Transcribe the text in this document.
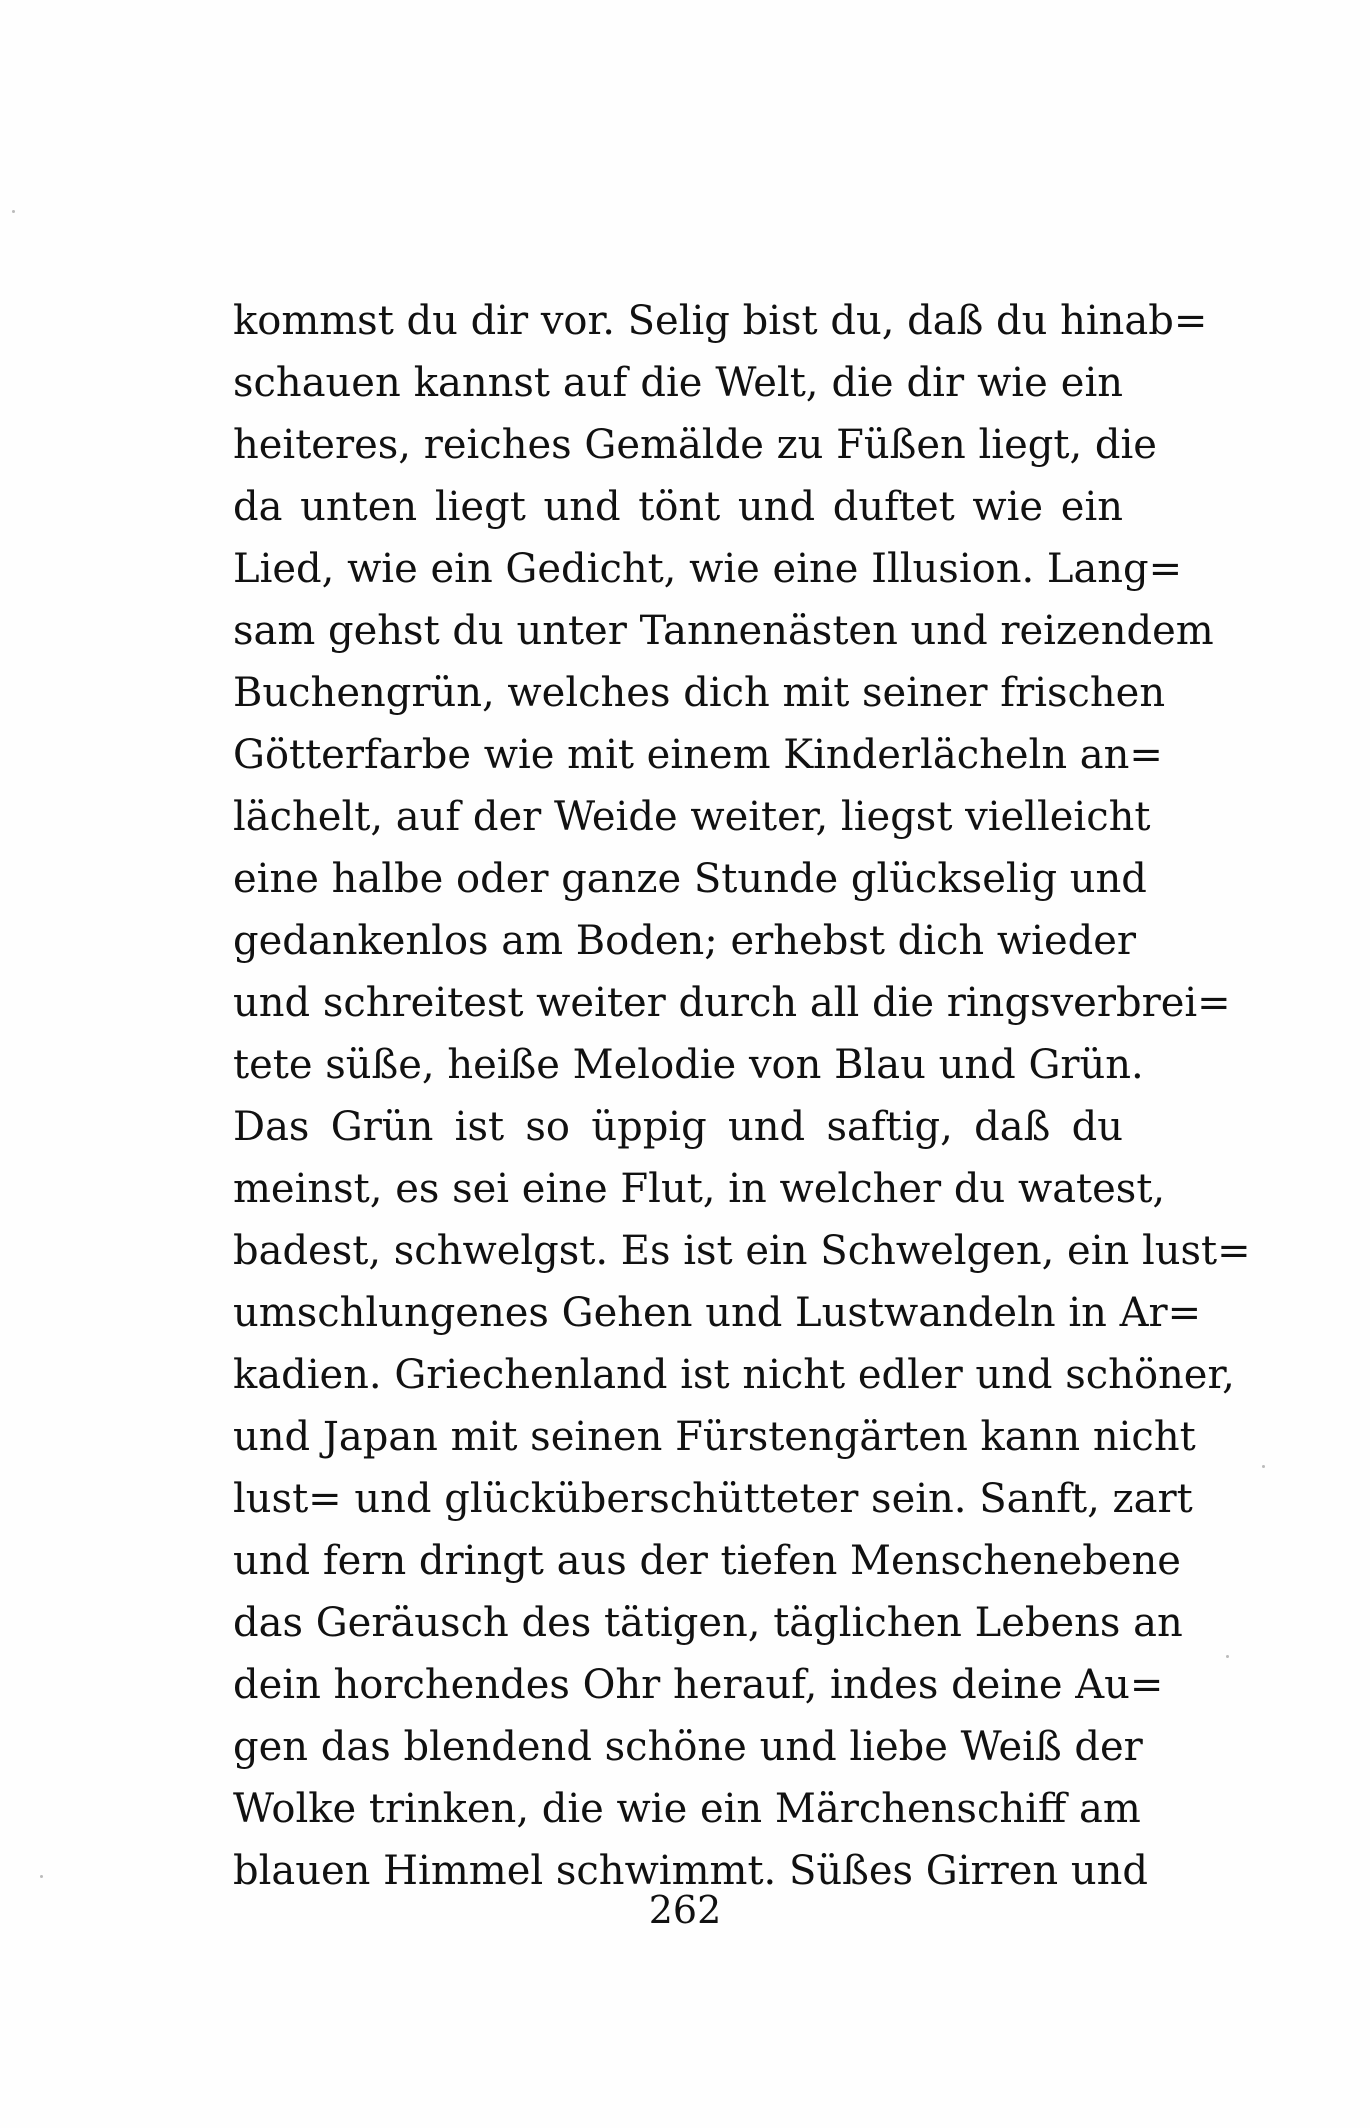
kommst du dir vor. Selig bist du, daß du hinab=
schauen kannst auf die Welt, die dir wie ein
heiteres, reiches Gemälde zu Füßen liegt, die
da unten liegt und tönt und duftet wie ein
Lied, wie ein Gedicht, wie eine Illusion. Lang=
sam gehst du unter Tannenästen und reizendem
Buchengrün, welches dich mit seiner frischen
Götterfarbe wie mit einem Kinderlächeln an=
lächelt, auf der Weide weiter, liegst vielleicht
eine halbe oder ganze Stunde glückselig und
gedankenlos am Boden; erhebst dich wieder
und schreitest weiter durch all die ringsverbrei=
tete süße, heiße Melodie von Blau und Grün.
Das Grün ist so üppig und saftig, daß du
meinst, es sei eine Flut, in welcher du watest,
badest, schwelgst. Es ist ein Schwelgen, ein lust=
umschlungenes Gehen und Lustwandeln in Ar=
kadien. Griechenland ist nicht edler und schöner,
und Japan mit seinen Fürstengärten kann nicht
lust= und glücküberschütteter sein. Sanft, zart
und fern dringt aus der tiefen Menschenebene
das Geräusch des tätigen, täglichen Lebens an
dein horchendes Ohr herauf, indes deine Au=
gen das blendend schöne und liebe Weiß der
Wolke trinken, die wie ein Märchenschiff am
blauen Himmel schwimmt. Süßes Girren und
262
